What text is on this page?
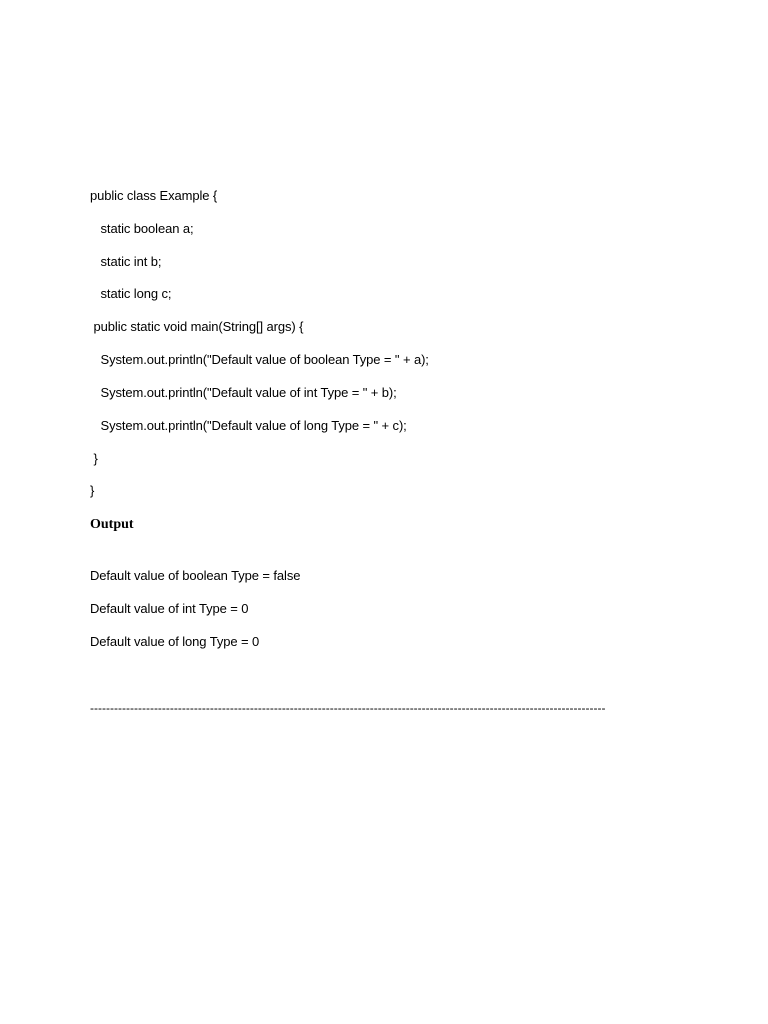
public class Example {
static boolean a;
static int b;
static long c;
public static void main(String[] args) {
System.out.println("Default value of boolean Type = " + a);
System.out.println("Default value of int Type = " + b);
System.out.println("Default value of long Type = " + c);
}
}
Output
Default value of boolean Type = false
Default value of int Type = 0
Default value of long Type = 0
---------------------------------------------------------------------------------------------------------------------------------
